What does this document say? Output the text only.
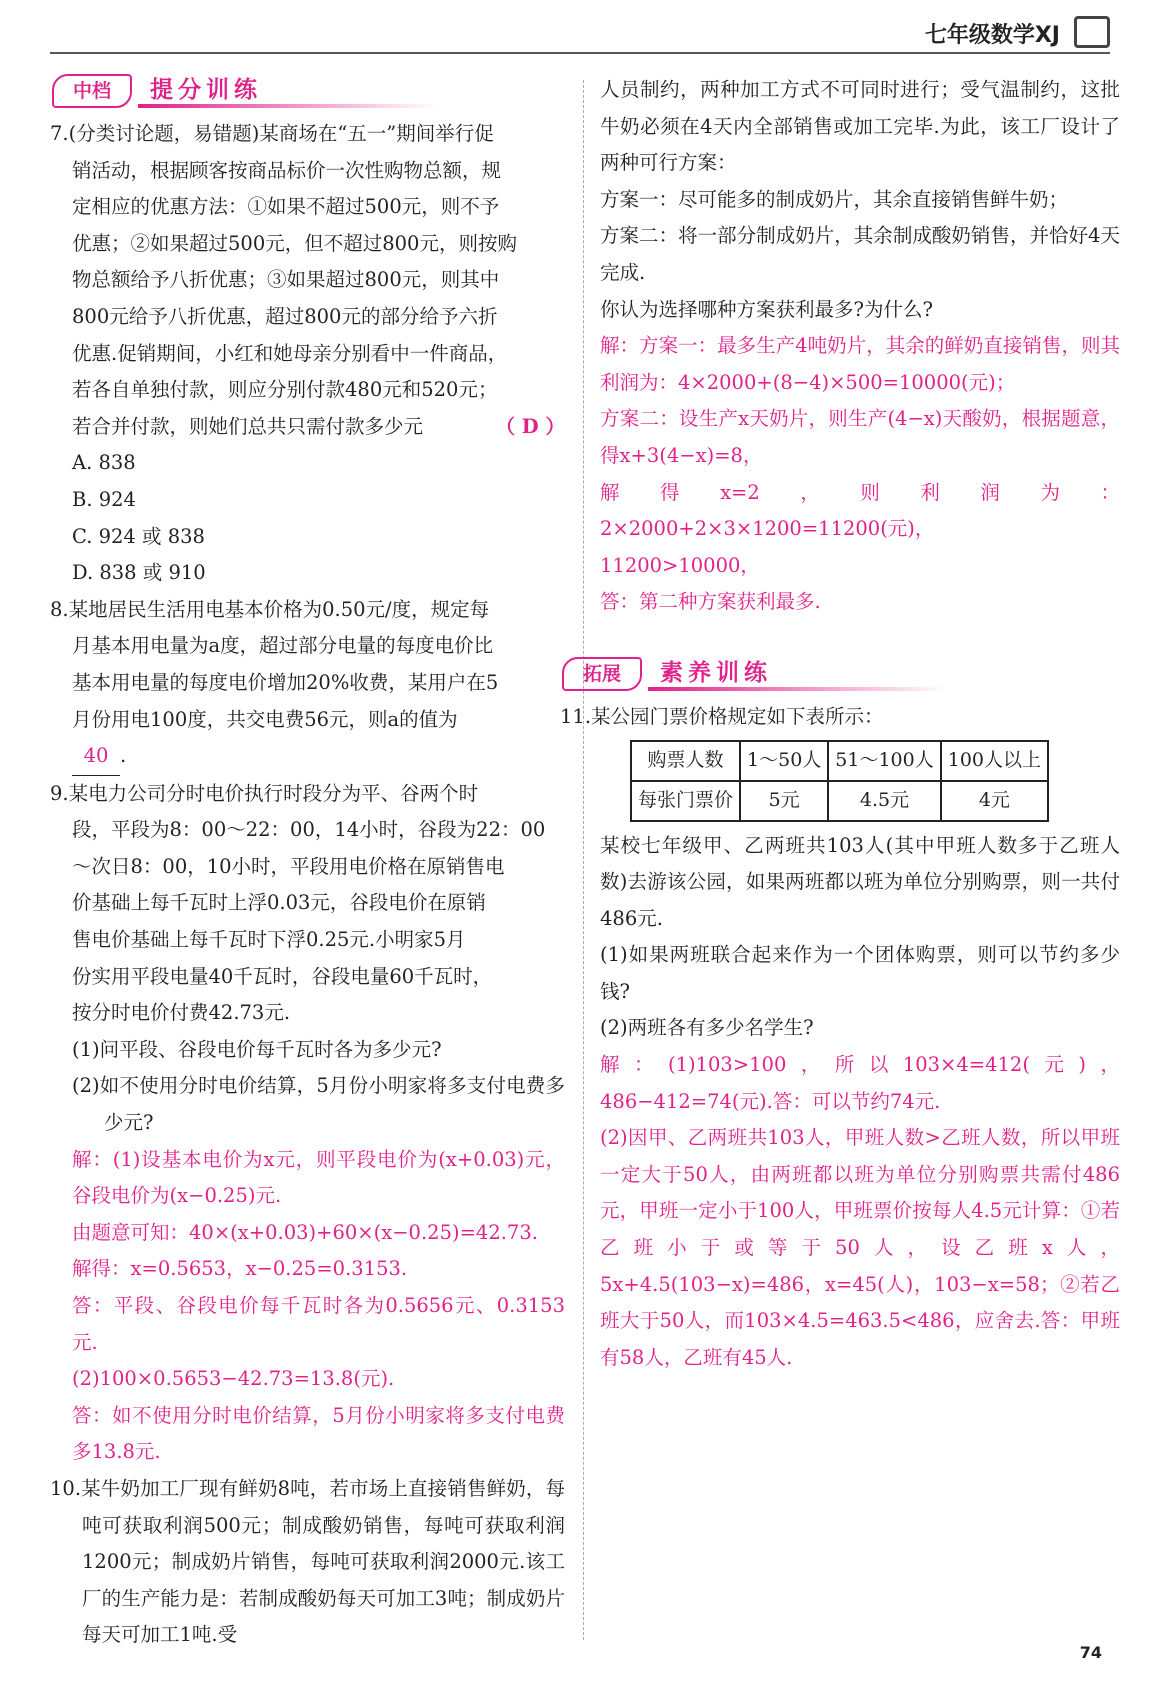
七年级数学XJ
中档	提分训练

7.(分类讨论题，易错题)某商场在“五一”期间举行促

销活动，根据顾客按商品标价一次性购物总额，规

定相应的优惠方法：①如果不超过500元，则不予

优惠；②如果超过500元，但不超过800元，则按购

物总额给予八折优惠；③如果超过800元，则其中

800元给予八折优惠，超过800元的部分给予六折

优惠.促销期间，小红和她母亲分别看中一件商品，

若各自单独付款，则应分别付款480元和520元；

若合并付款，则她们总共只需付款多少元	（ D ）

A. 838
B. 924
C. 924 或 838
D. 838 或 910

8.某地居民生活用电基本价格为0.50元/度，规定每

月基本用电量为a度，超过部分电量的每度电价比

基本用电量的每度电价增加20%收费，某用户在5

月份用电100度，共交电费56元，则a的值为

40 .

9.某电力公司分时电价执行时段分为平、谷两个时

段，平段为8：00～22：00，14小时，谷段为22：00

～次日8：00，10小时，平段用电价格在原销售电

价基础上每千瓦时上浮0.03元，谷段电价在原销

售电价基础上每千瓦时下浮0.25元.小明家5月

份实用平段电量40千瓦时，谷段电量60千瓦时，

按分时电价付费42.73元.

(1)问平段、谷段电价每千瓦时各为多少元?

(2)如不使用分时电价结算，5月份小明家将多支付电费多少元?

解：(1)设基本电价为x元，则平段电价为(x+0.03)元，谷段电价为(x−0.25)元.

由题意可知：40×(x+0.03)+60×(x−0.25)=42.73.

解得：x=0.5653，x−0.25=0.3153.

答：平段、谷段电价每千瓦时各为0.5656元、0.3153元.

(2)100×0.5653−42.73=13.8(元).

答：如不使用分时电价结算，5月份小明家将多支付电费多13.8元.

10.某牛奶加工厂现有鲜奶8吨，若市场上直接销售鲜奶，每吨可获取利润500元；制成酸奶销售，每吨可获取利润1200元；制成奶片销售，每吨可获取利润2000元.该工厂的生产能力是：若制成酸奶每天可加工3吨；制成奶片每天可加工1吨.受

人员制约，两种加工方式不可同时进行；受气温制约，这批牛奶必须在4天内全部销售或加工完毕.为此，该工厂设计了两种可行方案：

方案一：尽可能多的制成奶片，其余直接销售鲜牛奶；

方案二：将一部分制成奶片，其余制成酸奶销售，并恰好4天完成.

你认为选择哪种方案获利最多?为什么?

解：方案一：最多生产4吨奶片，其余的鲜奶直接销售，则其利润为：4×2000+(8−4)×500=10000(元)；

方案二：设生产x天奶片，则生产(4−x)天酸奶，根据题意，得x+3(4−x)=8，

解得x=2，则利润为：2×2000+2×3×1200=11200(元)，

11200>10000，

答：第二种方案获利最多.

拓展	素养训练

11.某公园门票价格规定如下表所示：

购票人数	1～50人	51～100人	100人以上
每张门票价	5元	4.5元	4元

某校七年级甲、乙两班共103人(其中甲班人数多于乙班人数)去游该公园，如果两班都以班为单位分别购票，则一共付486元.

(1)如果两班联合起来作为一个团体购票，则可以节约多少钱?

(2)两班各有多少名学生?

解：(1)103>100，所以103×4=412(元)，486−412=74(元).答：可以节约74元.

(2)因甲、乙两班共103人，甲班人数>乙班人数，所以甲班一定大于50人，由两班都以班为单位分别购票共需付486元，甲班一定小于100人，甲班票价按每人4.5元计算：①若乙班小于或等于50人，设乙班x人，5x+4.5(103−x)=486，x=45(人)，103−x=58；②若乙班大于50人，而103×4.5=463.5<486，应舍去.答：甲班有58人，乙班有45人.

74
